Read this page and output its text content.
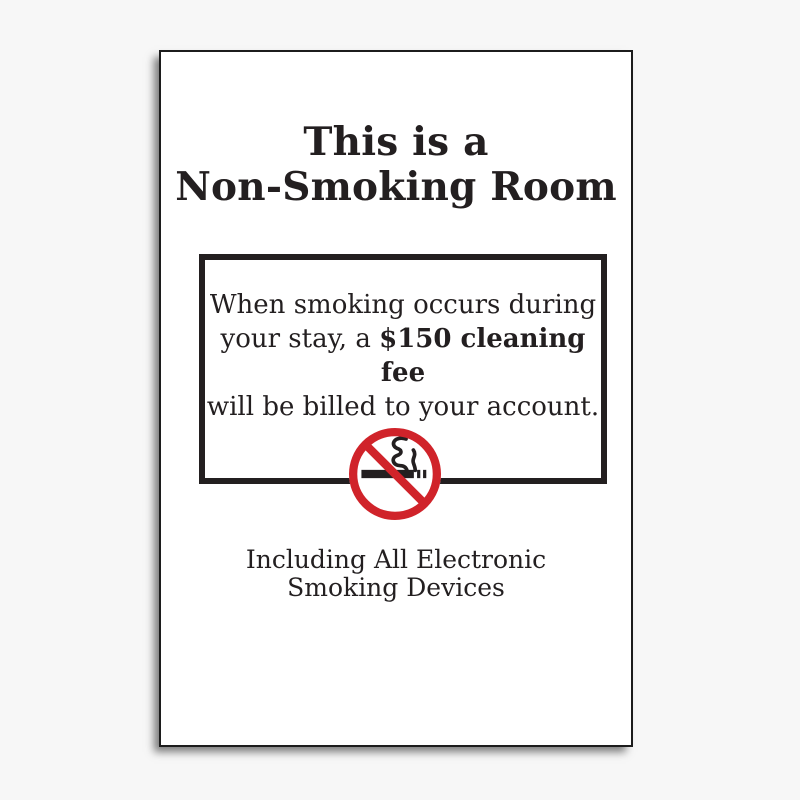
This is a
Non-Smoking Room
When smoking occurs during
your stay, a $150 cleaning fee
will be billed to your account.
Including All Electronic
Smoking Devices
